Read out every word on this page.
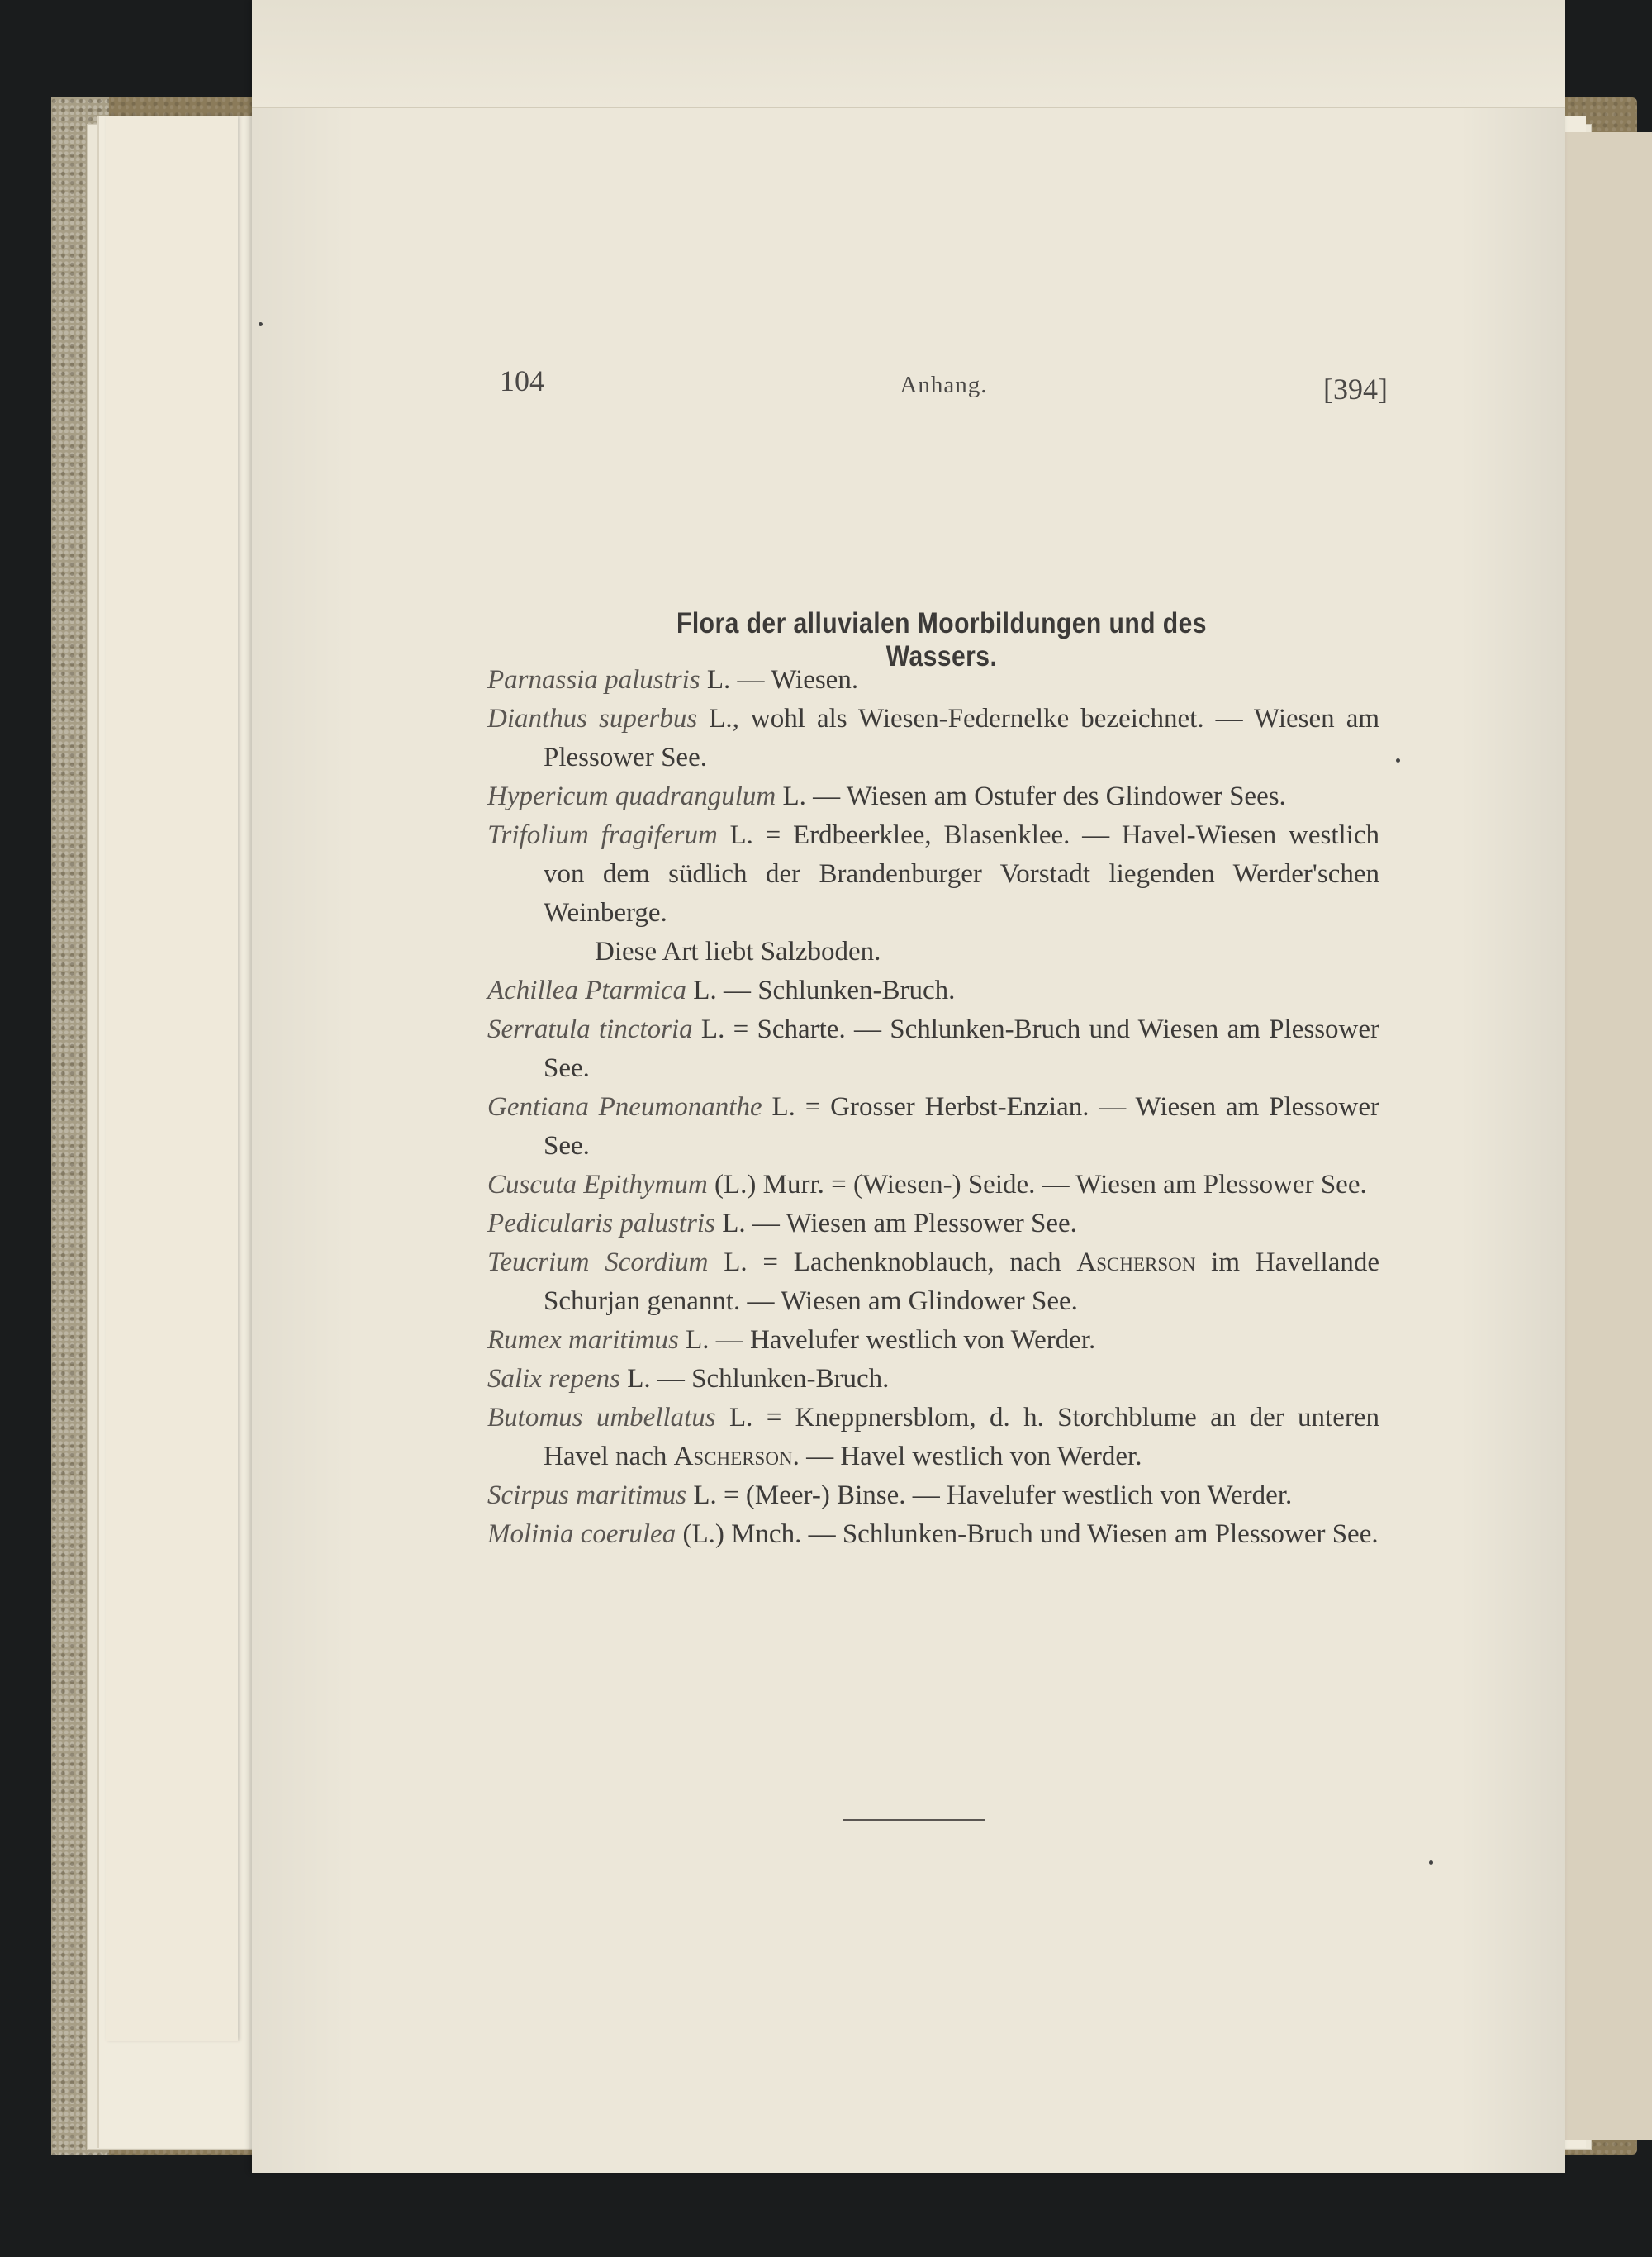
104	Anhang.	[394]
Flora der alluvialen Moorbildungen und des Wassers.

Parnassia palustris L. — Wiesen.

Dianthus superbus L., wohl als Wiesen-Federnelke bezeichnet. — Wiesen am Plessower See.

Hypericum quadrangulum L. — Wiesen am Ostufer des Glindower Sees.

Trifolium fragiferum L. = Erdbeerklee, Blasenklee. — Havel-Wiesen westlich von dem südlich der Brandenburger Vorstadt liegenden Werder'schen Weinberge.

Diese Art liebt Salzboden.

Achillea Ptarmica L. — Schlunken-Bruch.

Serratula tinctoria L. = Scharte. — Schlunken-Bruch und Wiesen am Plessower See.

Gentiana Pneumonanthe L. = Grosser Herbst-Enzian. — Wiesen am Plessower See.

Cuscuta Epithymum (L.) Murr. = (Wiesen-) Seide. — Wiesen am Plessower See.

Pedicularis palustris L. — Wiesen am Plessower See.

Teucrium Scordium L. = Lachenknoblauch, nach Ascherson im Havellande Schurjan genannt. — Wiesen am Glindower See.

Rumex maritimus L. — Havelufer westlich von Werder.

Salix repens L. — Schlunken-Bruch.

Butomus umbellatus L. = Kneppnersblom, d. h. Storchblume an der unteren Havel nach Ascherson. — Havel westlich von Werder.

Scirpus maritimus L. = (Meer-) Binse. — Havelufer westlich von Werder.

Molinia coerulea (L.) Mnch. — Schlunken-Bruch und Wiesen am Plessower See.
